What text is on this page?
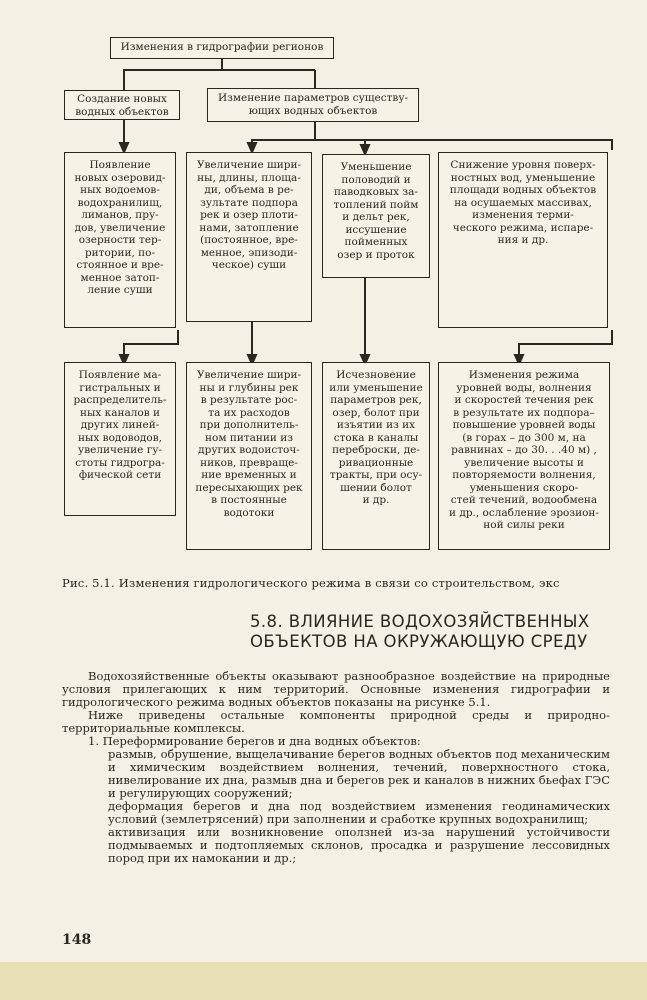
Изменения в гидрографии регионов
Создание новых
водных объектов
Изменение параметров существу-
ющих водных объектов
Появление
новых озеровид-
ных водоемов-
водохранилищ,
лиманов, пру-
дов, увеличение
озерности тер-
ритории, по-
стоянное и вре-
менное затоп-
ление суши
Увеличение шири-
ны, длины, площа-
ди, объема в ре-
зультате подпора
рек и озер плоти-
нами, затопление
(постоянное, вре-
менное, эпизоди-
ческое) суши
Уменьшение
половодий и
паводковых за-
топлений пойм
и дельт рек,
иссушение
пойменных
озер и проток
Снижение уровня поверх-
ностных вод, уменьшение
площади водных объектов
на осушаемых массивах,
изменения терми-
ческого режима, испаре-
ния и др.
Появление ма-
гистральных и
распределитель-
ных каналов и
других линей-
ных водоводов,
увеличение гу-
стоты гидрогра-
фической сети
Увеличение шири-
ны и глубины рек
в результате рос-
та их расходов
при дополнитель-
ном питании из
других водоисточ-
ников, превраще-
ние временных и
пересыхающих рек
в постоянные
водотоки
Исчезновение
или уменьшение
параметров рек,
озер, болот при
изъятии из их
стока в каналы
переброски, де-
ривационные
тракты, при осу-
шении болот
и др.
Изменения режима
уровней воды, волнения
и скоростей течения рек
в результате их подпора–
повышение уровней воды
(в горах – до 300 м, на
равнинах – до 30. . .40 м) ,
увеличение высоты и
повторяемости волнения,
уменьшения скоро-
стей течений, водообмена
и др., ослабление эрозион-
ной силы реки
Рис. 5.1. Изменения гидрологического режима в связи со строительством, экс
5.8. ВЛИЯНИЕ ВОДОХОЗЯЙСТВЕННЫХ
ОБЪЕКТОВ НА ОКРУЖАЮЩУЮ СРЕДУ

Водохозяйственные объекты оказывают разнообразное воздействие на природные условия прилегающих к ним территорий. Основные изменения гидрографии и гидрологического режима водных объектов показаны на рисунке 5.1.

Ниже приведены остальные компоненты природной среды и природно-территориальные комплексы.

1. Переформирование берегов и дна водных объектов:

размыв, обрушение, выщелачивание берегов водных объектов под механическим и химическим воздействием волнения, течений, поверхностного стока, нивелирование их дна, размыв дна и берегов рек и каналов в нижних бьефах ГЭС и регулирующих сооружений;

деформация берегов и дна под воздействием изменения геодинамических условий (землетрясений) при заполнении и сработке крупных водохранилищ;

активизация или возникновение оползней из-за нарушений устойчивости подмываемых и подтопляемых склонов, просадка и разрушение лессовидных пород при их намокании и др.;

148
